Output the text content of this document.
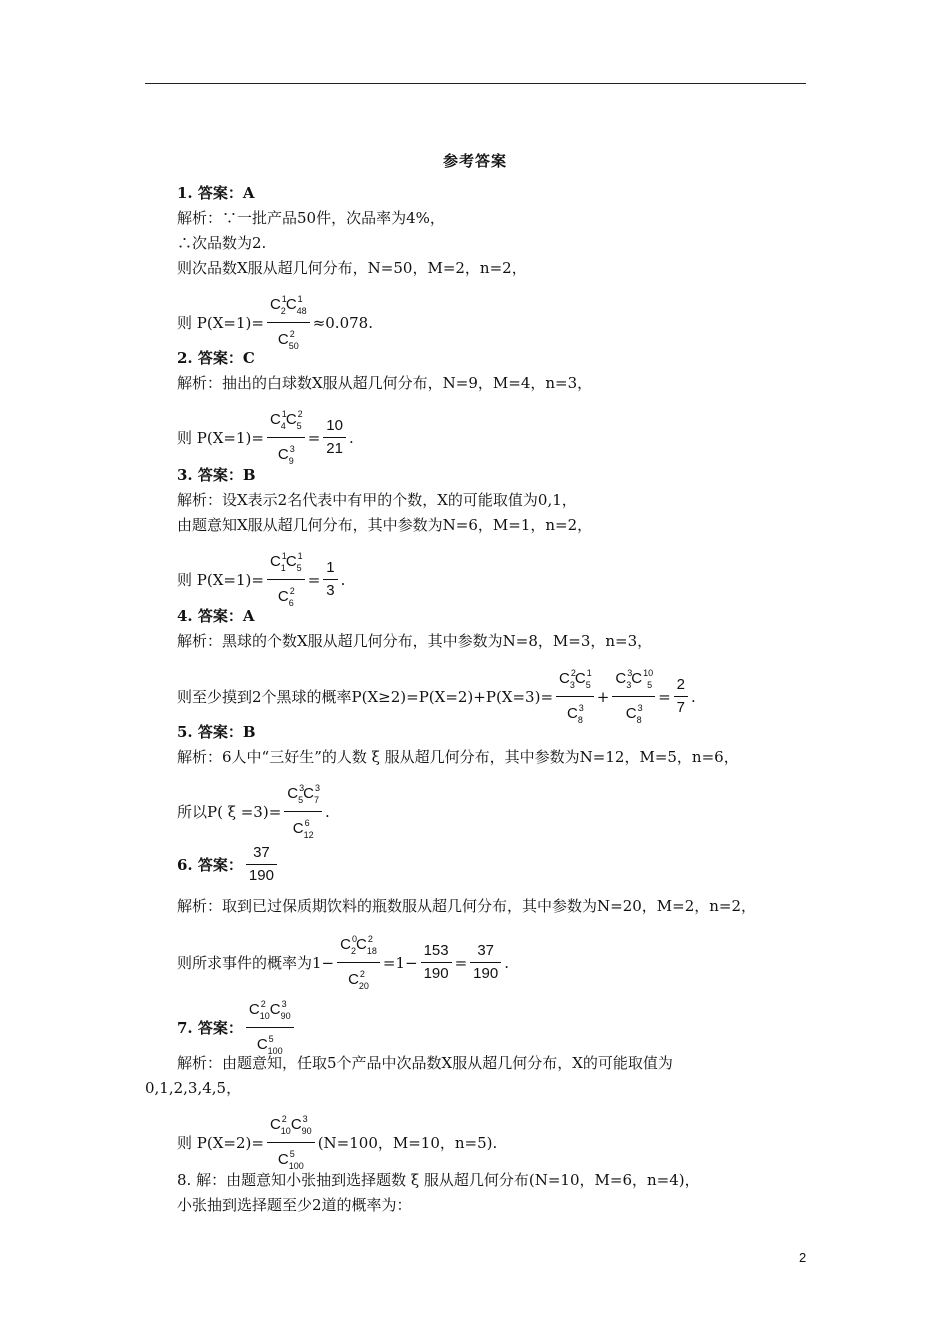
参考答案
1. 答案：A
解析：∵一批产品50件，次品率为4%，
∴次品数为2.
则次品数X服从超几何分布，N=50，M=2，n=2，
则 $P(X=1)= \frac{C^1_2C^1_{48}}{C^2_{50}} \approx 0.078$.
2. 答案：C
解析：抽出的白球数X服从超几何分布，N=9，M=4，n=3，
则 $P(X=1)= \frac{C^1_4C^2_5}{C^3_9} = \frac{10}{21}$ .
3. 答案：B
解析：设X表示2名代表中有甲的个数，X的可能取值为0,1，
由题意知X服从超几何分布，其中参数为N=6，M=1，n=2，
则 $P(X=1)= \frac{C^1_1C^1_5}{C^2_6} = \frac{1}{3}$ .
4. 答案：A
解析：黑球的个数X服从超几何分布，其中参数为N=8，M=3，n=3，
则至少摸到2个黑球的概率$P(X\ge 2)=P(X=2)+P(X=3)= \frac{C^2_3C^1_5}{C^3_8} + \frac{C^3_3C^{10}_5}{C^3_8} = \frac{2}{7}$ .
5. 答案：B
解析：6人中“三好生”的人数 ξ 服从超几何分布，其中参数为N=12，M=5，n=6，
所以P( $\xi =3)= \frac{C^3_5C^3_7}{C^6_{12}}$ .
6. 答案： $\frac{37}{190}$
解析：取到已过保质期饮料的瓶数服从超几何分布，其中参数为N=20，M=2，n=2，
则所求事件的概率为$1- \frac{C^0_2C^2_{18}}{C^2_{20}} =1- \frac{153}{190} = \frac{37}{190}$ .
7. 答案： $\frac{C^2_{10}C^3_{90}}{C^5_{100}}$
解析：由题意知，任取5个产品中次品数X服从超几何分布，X的可能取值为
0,1,2,3,4,5，
则 $P(X=2)= \frac{C^2_{10}C^3_{90}}{C^5_{100}} (N=100$，M=10，n=5).
8. 解：由题意知小张抽到选择题数 ξ 服从超几何分布(N=10，M=6，n=4)，
小张抽到选择题至少2道的概率为：
2
